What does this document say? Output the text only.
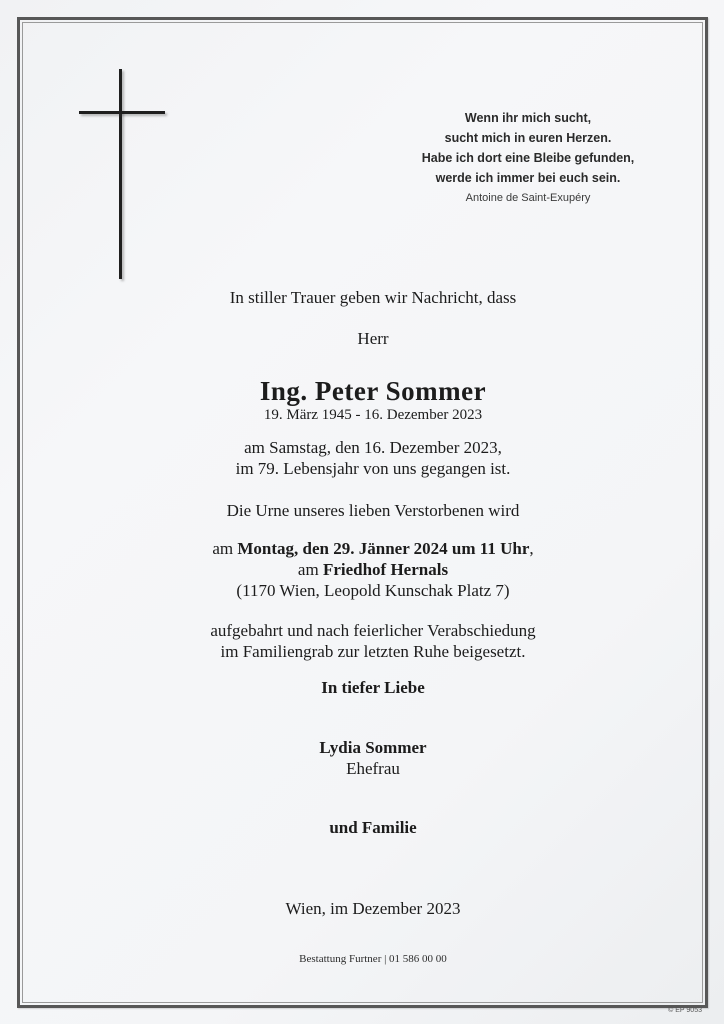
Wenn ihr mich sucht,
sucht mich in euren Herzen.
Habe ich dort eine Bleibe gefunden,
werde ich immer bei euch sein.
Antoine de Saint-Exupéry
In stiller Trauer geben wir Nachricht, dass
Herr
Ing. Peter Sommer
19. März 1945 - 16. Dezember 2023
am Samstag, den 16. Dezember 2023,
im 79. Lebensjahr von uns gegangen ist.
Die Urne unseres lieben Verstorbenen wird
am Montag, den 29. Jänner 2024 um 11 Uhr,
am Friedhof Hernals
(1170 Wien, Leopold Kunschak Platz 7)
aufgebahrt und nach feierlicher Verabschiedung
im Familiengrab zur letzten Ruhe beigesetzt.
In tiefer Liebe
Lydia Sommer
Ehefrau
und Familie
Wien, im Dezember 2023
Bestattung Furtner | 01 586 00 00
© EP 9053
